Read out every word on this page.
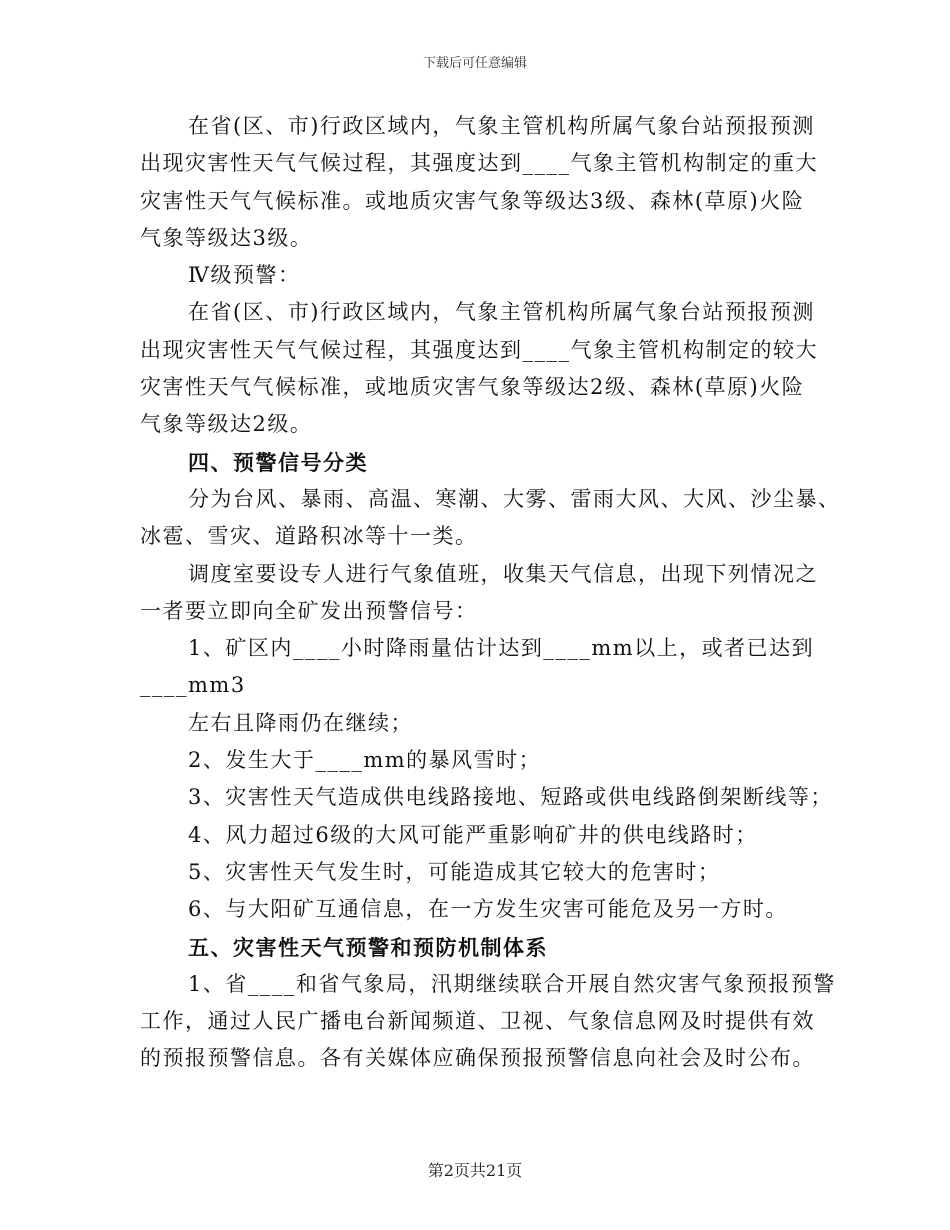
下载后可任意编辑
在省(区、市)行政区域内，气象主管机构所属气象台站预报预测
出现灾害性天气气候过程，其强度达到____气象主管机构制定的重大
灾害性天气气候标准。或地质灾害气象等级达3级、森林(草原)火险
气象等级达3级。
Ⅳ级预警：
在省(区、市)行政区域内，气象主管机构所属气象台站预报预测
出现灾害性天气气候过程，其强度达到____气象主管机构制定的较大
灾害性天气气候标准，或地质灾害气象等级达2级、森林(草原)火险
气象等级达2级。
四、预警信号分类
分为台风、暴雨、高温、寒潮、大雾、雷雨大风、大风、沙尘暴、
冰雹、雪灾、道路积冰等十一类。
调度室要设专人进行气象值班，收集天气信息，出现下列情况之
一者要立即向全矿发出预警信号：
1、矿区内____小时降雨量估计达到____mm以上，或者已达到
____mm3
左右且降雨仍在继续；
2、发生大于____mm的暴风雪时；
3、灾害性天气造成供电线路接地、短路或供电线路倒架断线等；
4、风力超过6级的大风可能严重影响矿井的供电线路时；
5、灾害性天气发生时，可能造成其它较大的危害时；
6、与大阳矿互通信息，在一方发生灾害可能危及另一方时。
五、灾害性天气预警和预防机制体系
1、省____和省气象局，汛期继续联合开展自然灾害气象预报预警
工作，通过人民广播电台新闻频道、卫视、气象信息网及时提供有效
的预报预警信息。各有关媒体应确保预报预警信息向社会及时公布。
第2页共21页
